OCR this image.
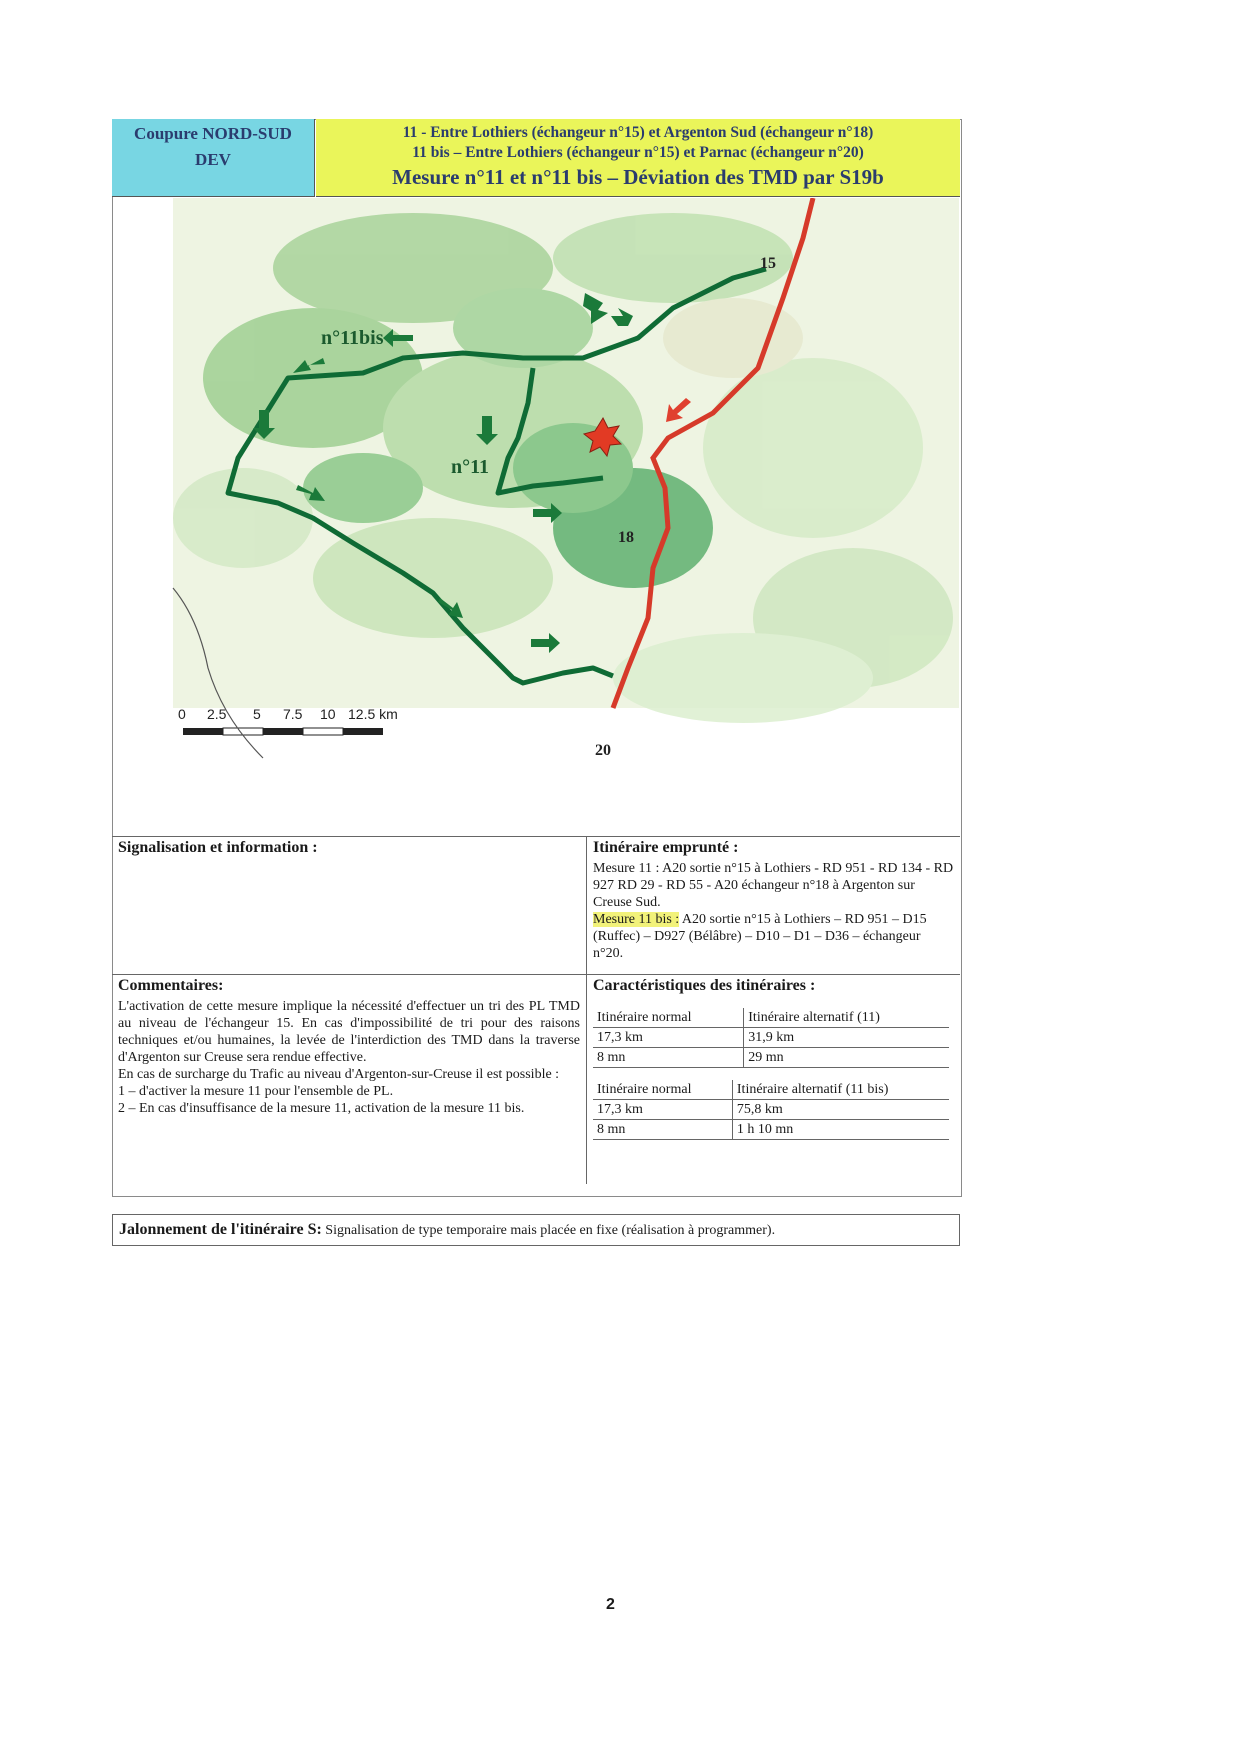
Coupure NORD-SUD
DEV
11 - Entre Lothiers (échangeur n°15) et Argenton Sud (échangeur n°18)
11 bis – Entre Lothiers (échangeur n°15) et Parnac (échangeur n°20)
Mesure n°11 et n°11 bis – Déviation des TMD par S19b
n°11bis
n°11
15
18
20
0 2.5 5 7.5 10 12.5 km
Signalisation et information :	Itinéraire emprunté :
Mesure 11 : A20 sortie n°15 à Lothiers - RD 951 - RD 134 - RD 927 RD 29 - RD 55 - A20 échangeur n°18 à Argenton sur Creuse Sud.
Mesure 11 bis : A20 sortie n°15 à Lothiers – RD 951 – D15 (Ruffec) – D927 (Bélâbre) – D10 – D1 – D36 – échangeur n°20.
Commentaires:

L'activation de cette mesure implique la nécessité d'effectuer un tri des PL TMD au niveau de l'échangeur 15. En cas d'impossibilité de tri pour des raisons techniques et/ou humaines, la levée de l'interdiction des TMD dans la traverse d'Argenton sur Creuse sera rendue effective.

En cas de surcharge du Trafic au niveau d'Argenton-sur-Creuse il est possible :

1 – d'activer la mesure 11 pour l'ensemble de PL.

2 – En cas d'insuffisance de la mesure 11, activation de la mesure 11 bis.

Caractéristiques des itinéraires :
Itinéraire normal	Itinéraire alternatif (11)
17,3 km	31,9 km
8 mn	29 mn
Itinéraire normal	Itinéraire alternatif (11 bis)
17,3 km	75,8 km
8 mn	1 h 10 mn
Jalonnement de l'itinéraire S: Signalisation de type temporaire mais placée en fixe (réalisation à programmer).
2
